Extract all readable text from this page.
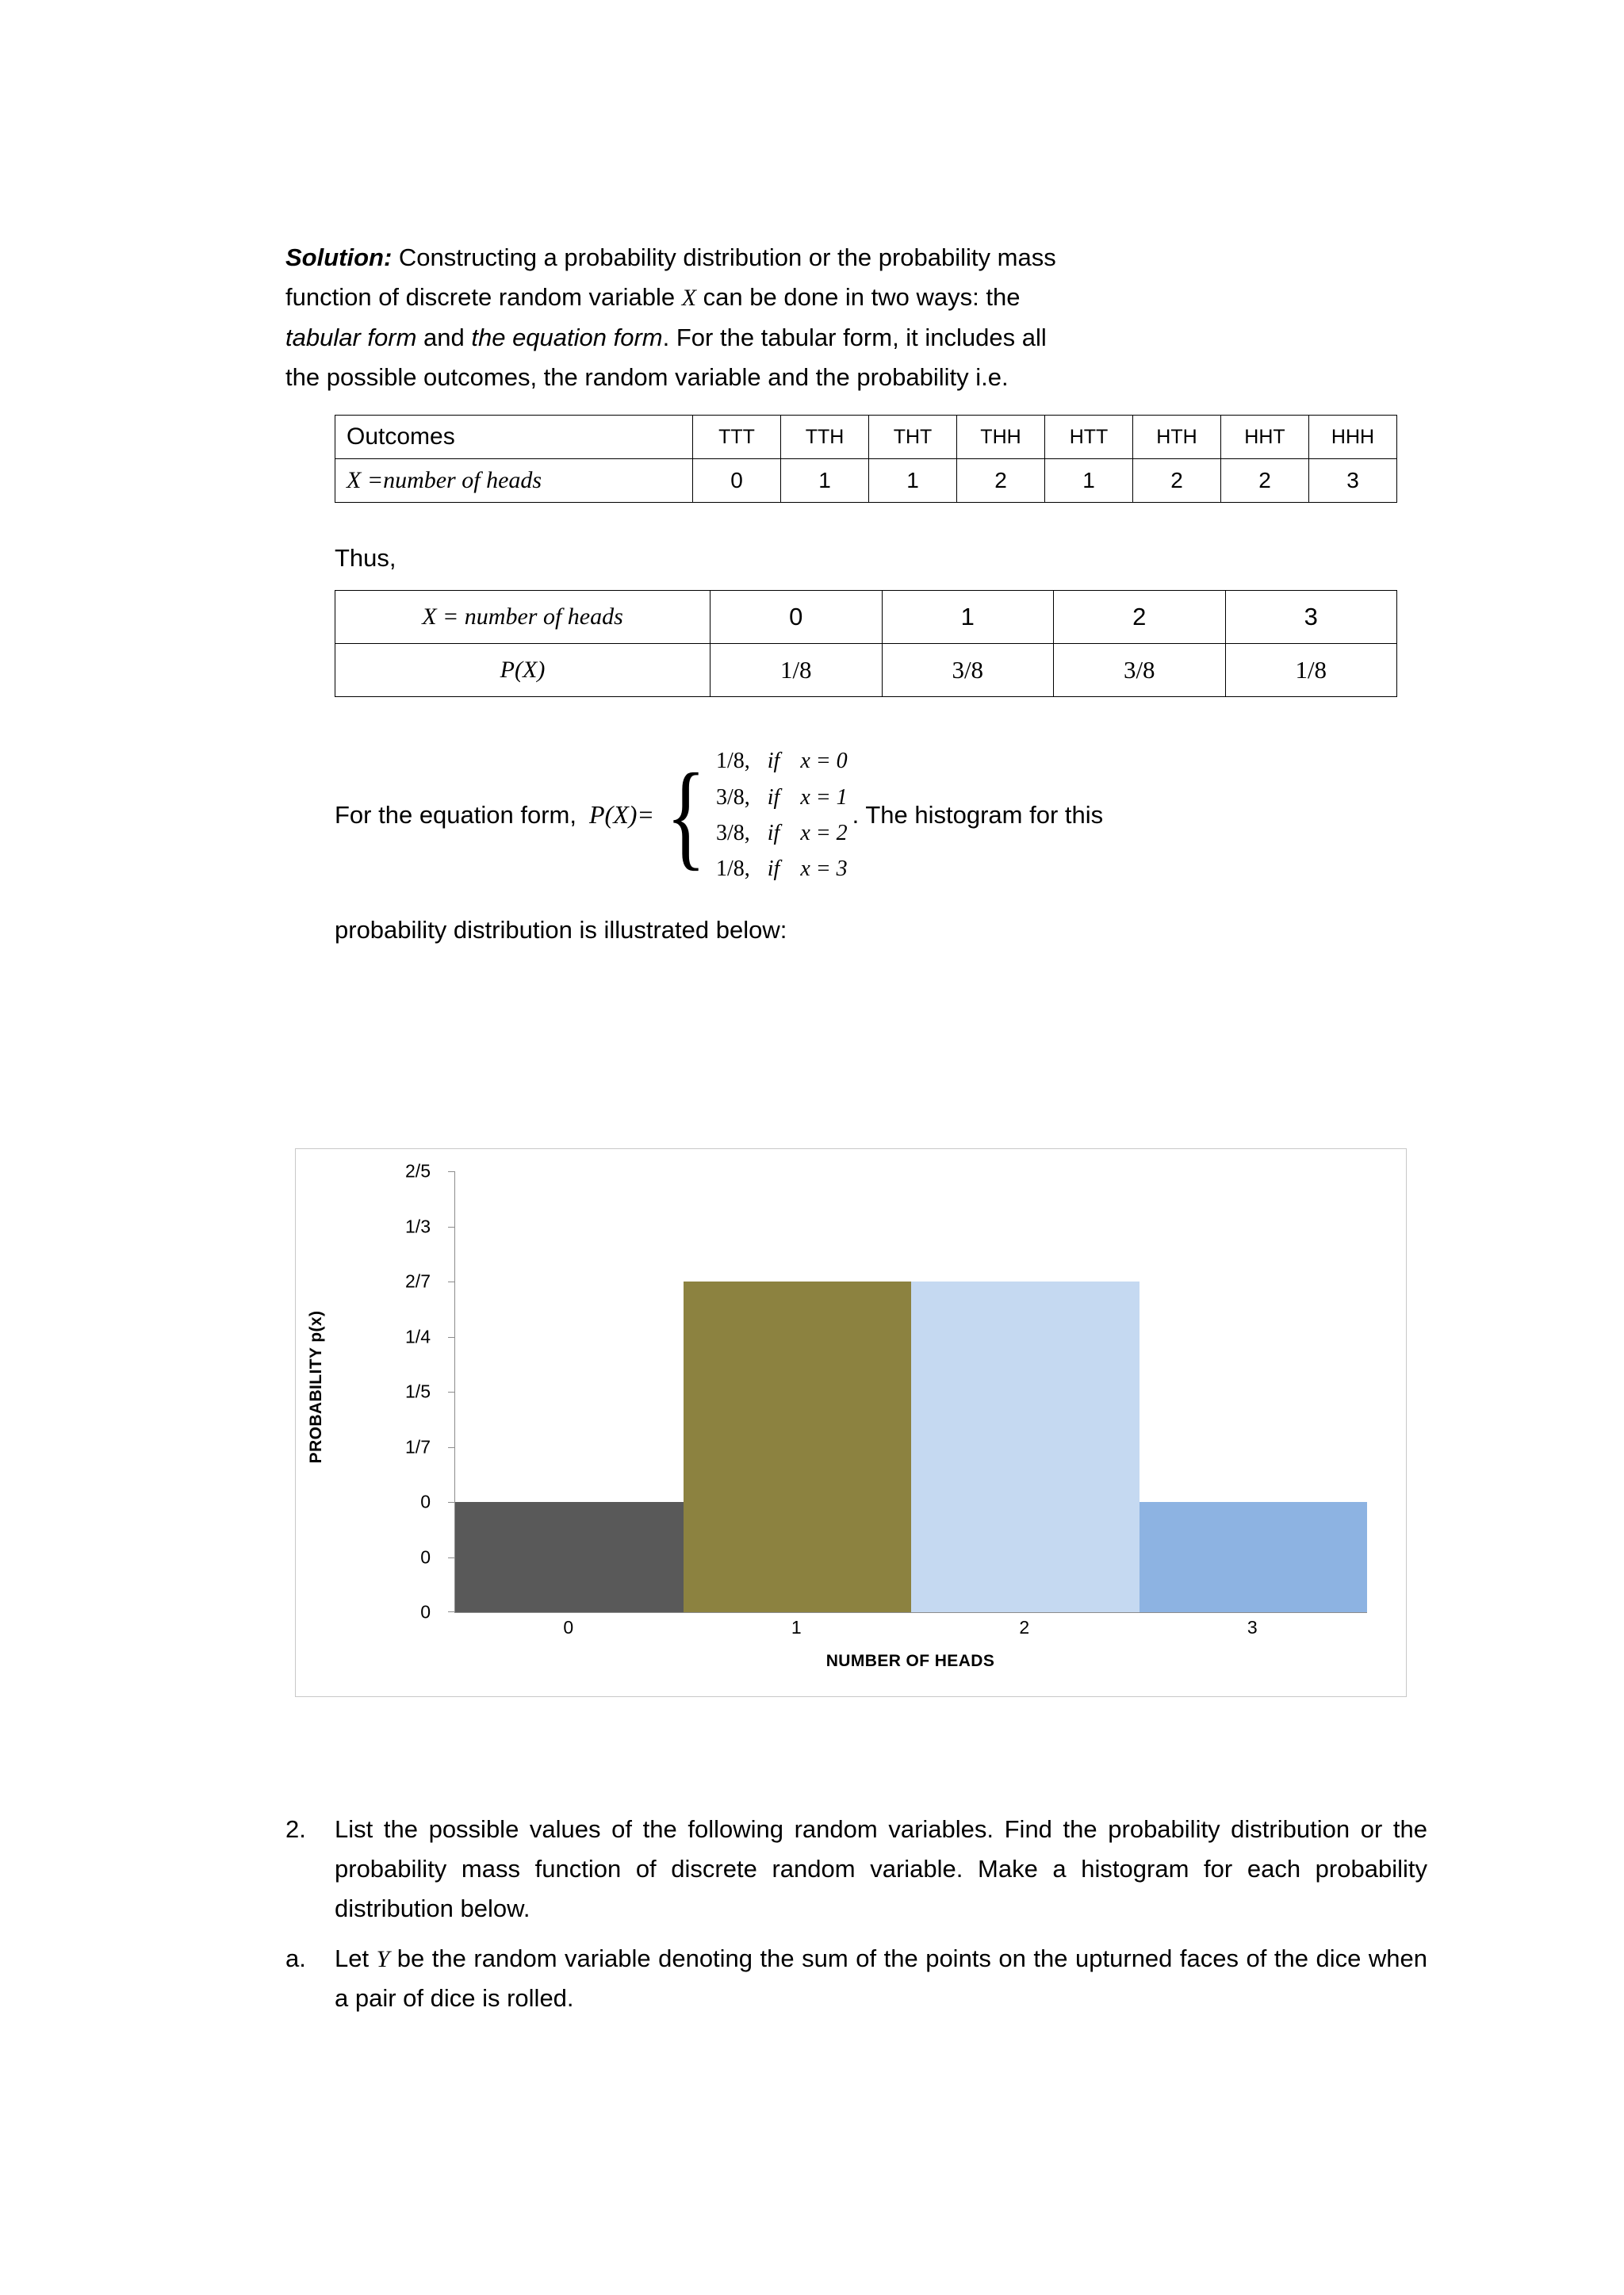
Solution: Constructing a probability distribution or the probability mass

function of discrete random variable X can be done in two ways: the

tabular form and the equation form. For the tabular form, it includes all

the possible outcomes, the random variable and the probability i.e.

Outcomes	TTT	TTH	THT	THH	HTT	HTH	HHT	HHH
X =number of heads	0	1	1	2	1	2	2	3
Thus,
X = number of heads	0	1	2	3
P(X)	1/8	3/8	3/8	1/8
For the equation form, P(X)= { 1/8, if x = 0
3/8, if x = 1
3/8, if x = 2
1/8, if x = 3
. The histogram for this
probability distribution is illustrated below:
PROBABILITY p(x)
2/5
1/3
2/7
1/4
1/5
1/7
0
0
0
0	1	2	3
NUMBER OF HEADS
2.	List the possible values of the following random variables. Find the probability distribution or the probability mass function of discrete random variable. Make a histogram for each probability distribution below.
a.	Let Y be the random variable denoting the sum of the points on the upturned faces of the dice when a pair of dice is rolled.
